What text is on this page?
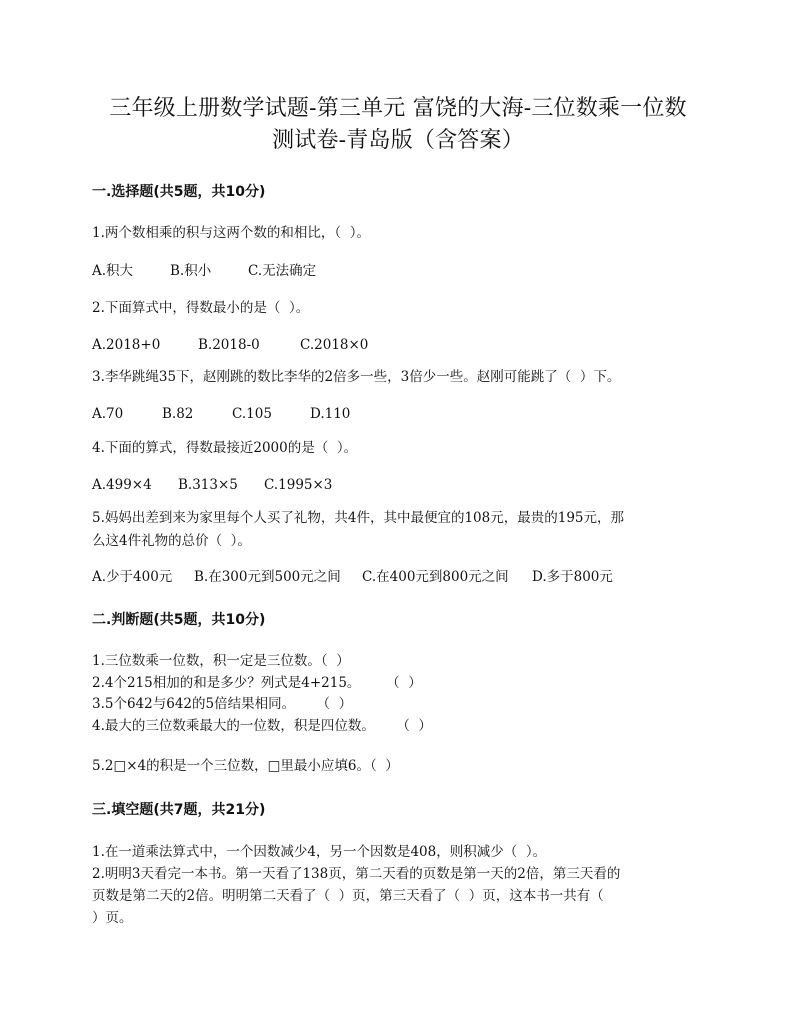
三年级上册数学试题-第三单元 富饶的大海-三位数乘一位数
测试卷-青岛版（含答案）
一.选择题(共5题，共10分)
1.两个数相乘的积与这两个数的和相比，（  ）。
A.积大	B.积小	C.无法确定
2.下面算式中，得数最小的是（  ）。
A.2018+0	B.2018-0	C.2018×0
3.李华跳绳35下，赵刚跳的数比李华的2倍多一些，3倍少一些。赵刚可能跳了（  ）下。
A.70	B.82	C.105	D.110
4.下面的算式，得数最接近2000的是（  ）。
A.499×4 B.313×5 C.1995×3
5.妈妈出差到来为家里每个人买了礼物，共4件，其中最便宜的108元，最贵的195元，那
么这4件礼物的总价（  ）。
A.少于400元 B.在300元到500元之间 C.在400元到800元之间 D.多于800元
二.判断题(共5题，共10分)
1.三位数乘一位数，积一定是三位数。（  ）
2.4个215相加的和是多少？列式是4+215。      （  ）
3.5个642与642的5倍结果相同。     （  ）
4.最大的三位数乘最大的一位数，积是四位数。     （  ）
5.2□×4的积是一个三位数，□里最小应填6。（  ）
三.填空题(共7题，共21分)
1.在一道乘法算式中，一个因数减少4，另一个因数是408，则积减少（  ）。
2.明明3天看完一本书。第一天看了138页，第二天看的页数是第一天的2倍，第三天看的
页数是第二天的2倍。明明第二天看了（  ）页，第三天看了（  ）页，这本书一共有（
）页。
